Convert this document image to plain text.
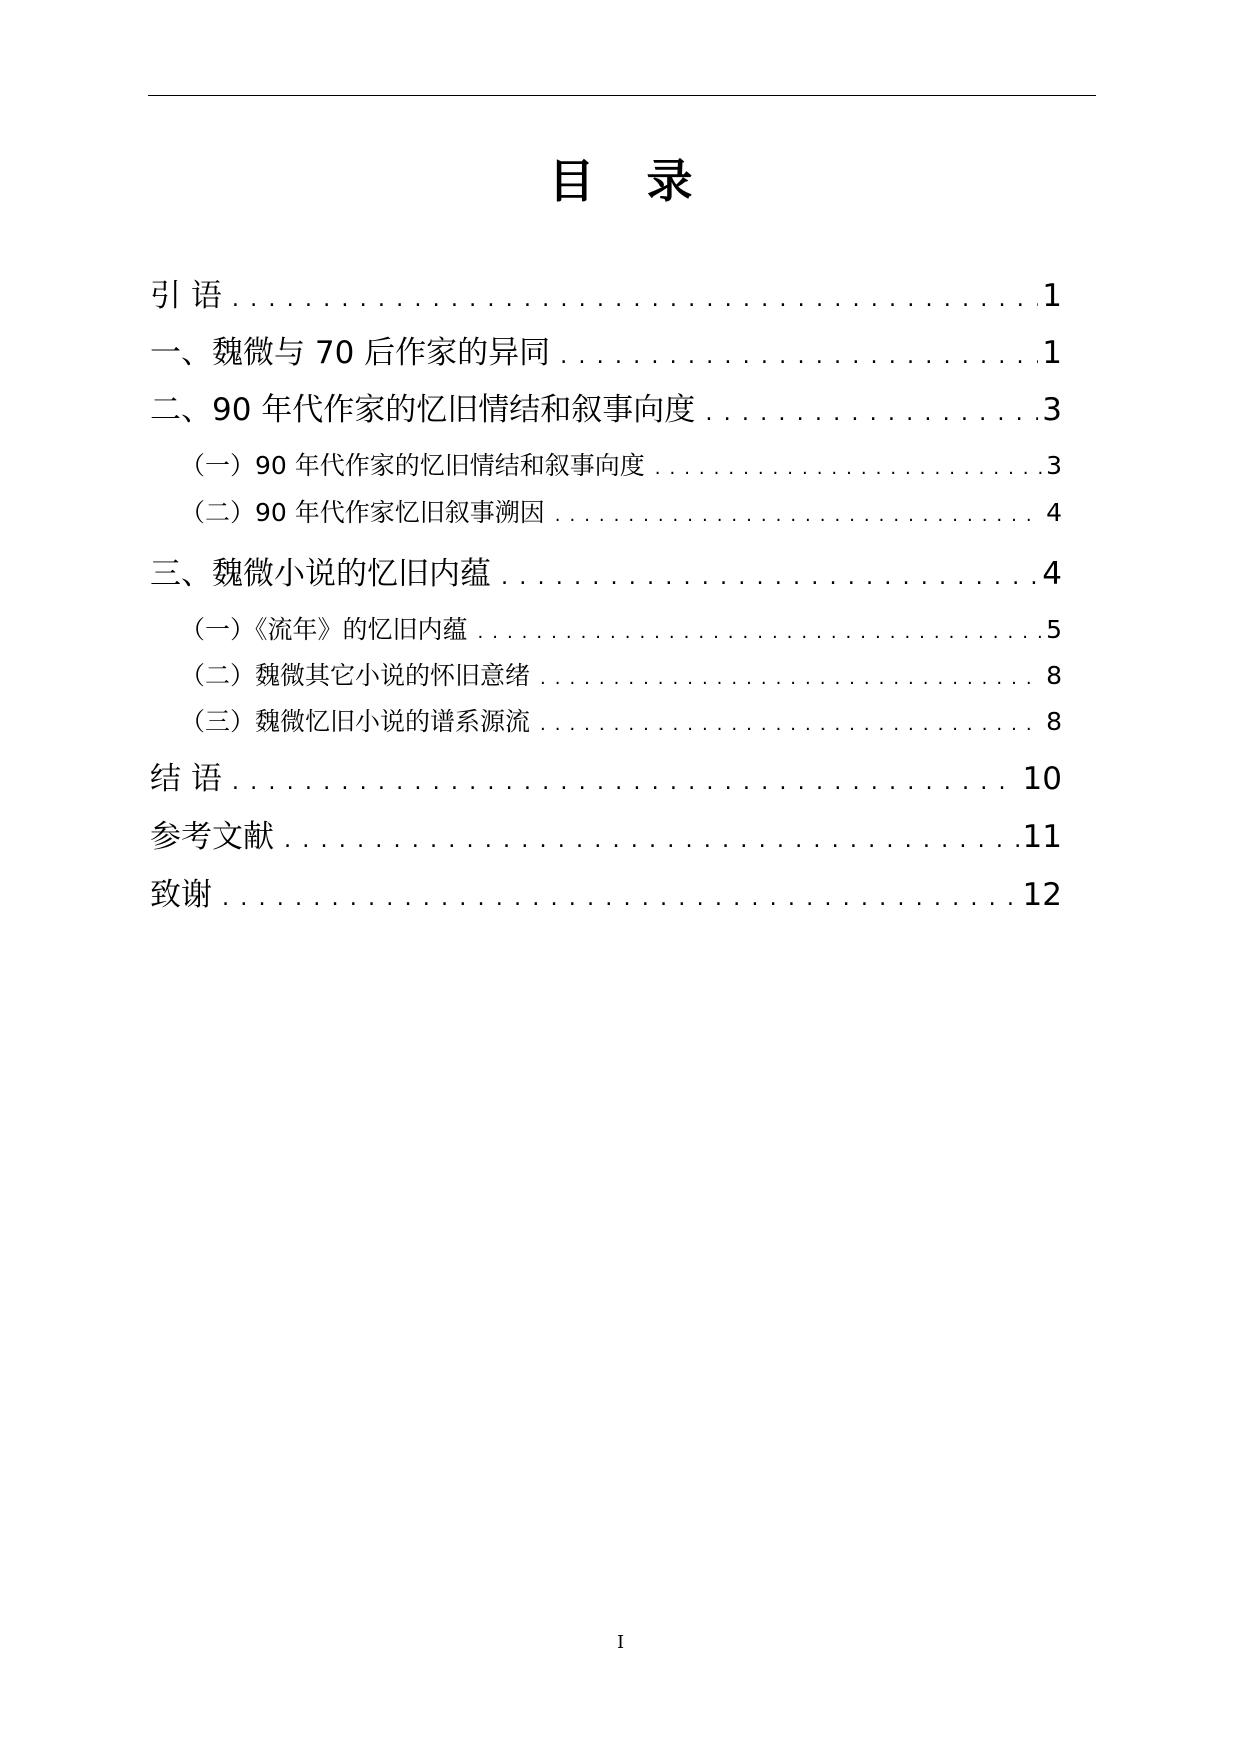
目 录
引 语 .....	1
一、魏微与 70 后作家的异同 .....	1
二、90 年代作家的忆旧情结和叙事向度 .....	3
（一）90 年代作家的忆旧情结和叙事向度 .....	3
（二）90 年代作家忆旧叙事溯因 .....	4
三、魏微小说的忆旧内蕴 .....	4
（一）《流年》的忆旧内蕴 .....	5
（二）魏微其它小说的怀旧意绪 .....	8
（三）魏微忆旧小说的谱系源流 .....	8
结 语 .....	10
参考文献 .....	11
致谢 .....	12
I
